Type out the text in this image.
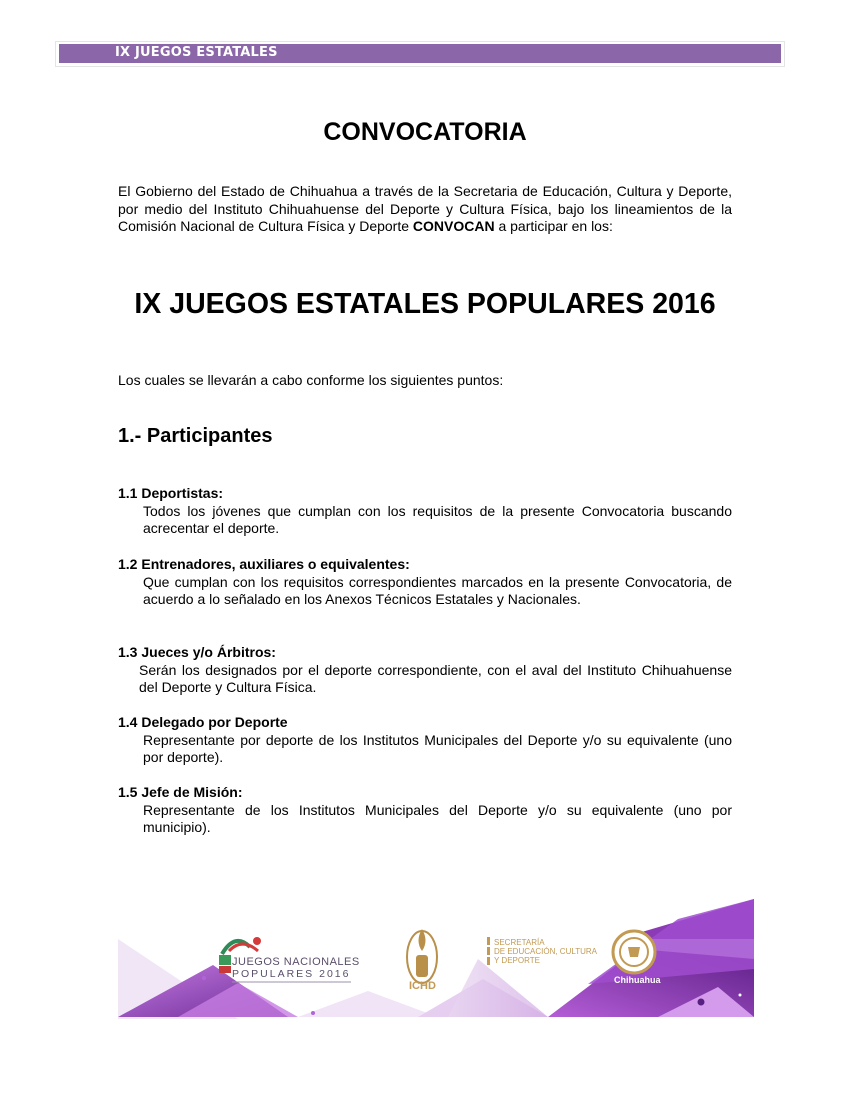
IX JUEGOS ESTATALES
CONVOCATORIA
El Gobierno del Estado de Chihuahua a través de la Secretaria de Educación, Cultura y Deporte, por medio del Instituto Chihuahuense del Deporte y Cultura Física, bajo los lineamientos de la Comisión Nacional de Cultura Física y Deporte CONVOCAN a participar en los:
IX JUEGOS ESTATALES POPULARES 2016
Los cuales se llevarán a cabo conforme los siguientes puntos:
1.- Participantes
1.1 Deportistas:
Todos los jóvenes que cumplan con los requisitos de la presente Convocatoria buscando acrecentar el deporte.
1.2 Entrenadores, auxiliares o equivalentes:
Que cumplan con los requisitos correspondientes marcados en la presente Convocatoria, de acuerdo a lo señalado en los Anexos Técnicos Estatales y Nacionales.
1.3 Jueces y/o Árbitros:
Serán los designados por el deporte correspondiente, con el aval del Instituto Chihuahuense del Deporte y Cultura Física.
1.4 Delegado por Deporte
Representante por deporte de los Institutos Municipales del Deporte y/o su equivalente (uno por deporte).
1.5 Jefe de Misión:
Representante de los Institutos Municipales del Deporte y/o su equivalente (uno por municipio).
JUEGOS NACIONALES
POPULARES 2016
ICHD
SECRETARÍA
DE EDUCACIÓN, CULTURA
Y DEPORTE
Chihuahua
